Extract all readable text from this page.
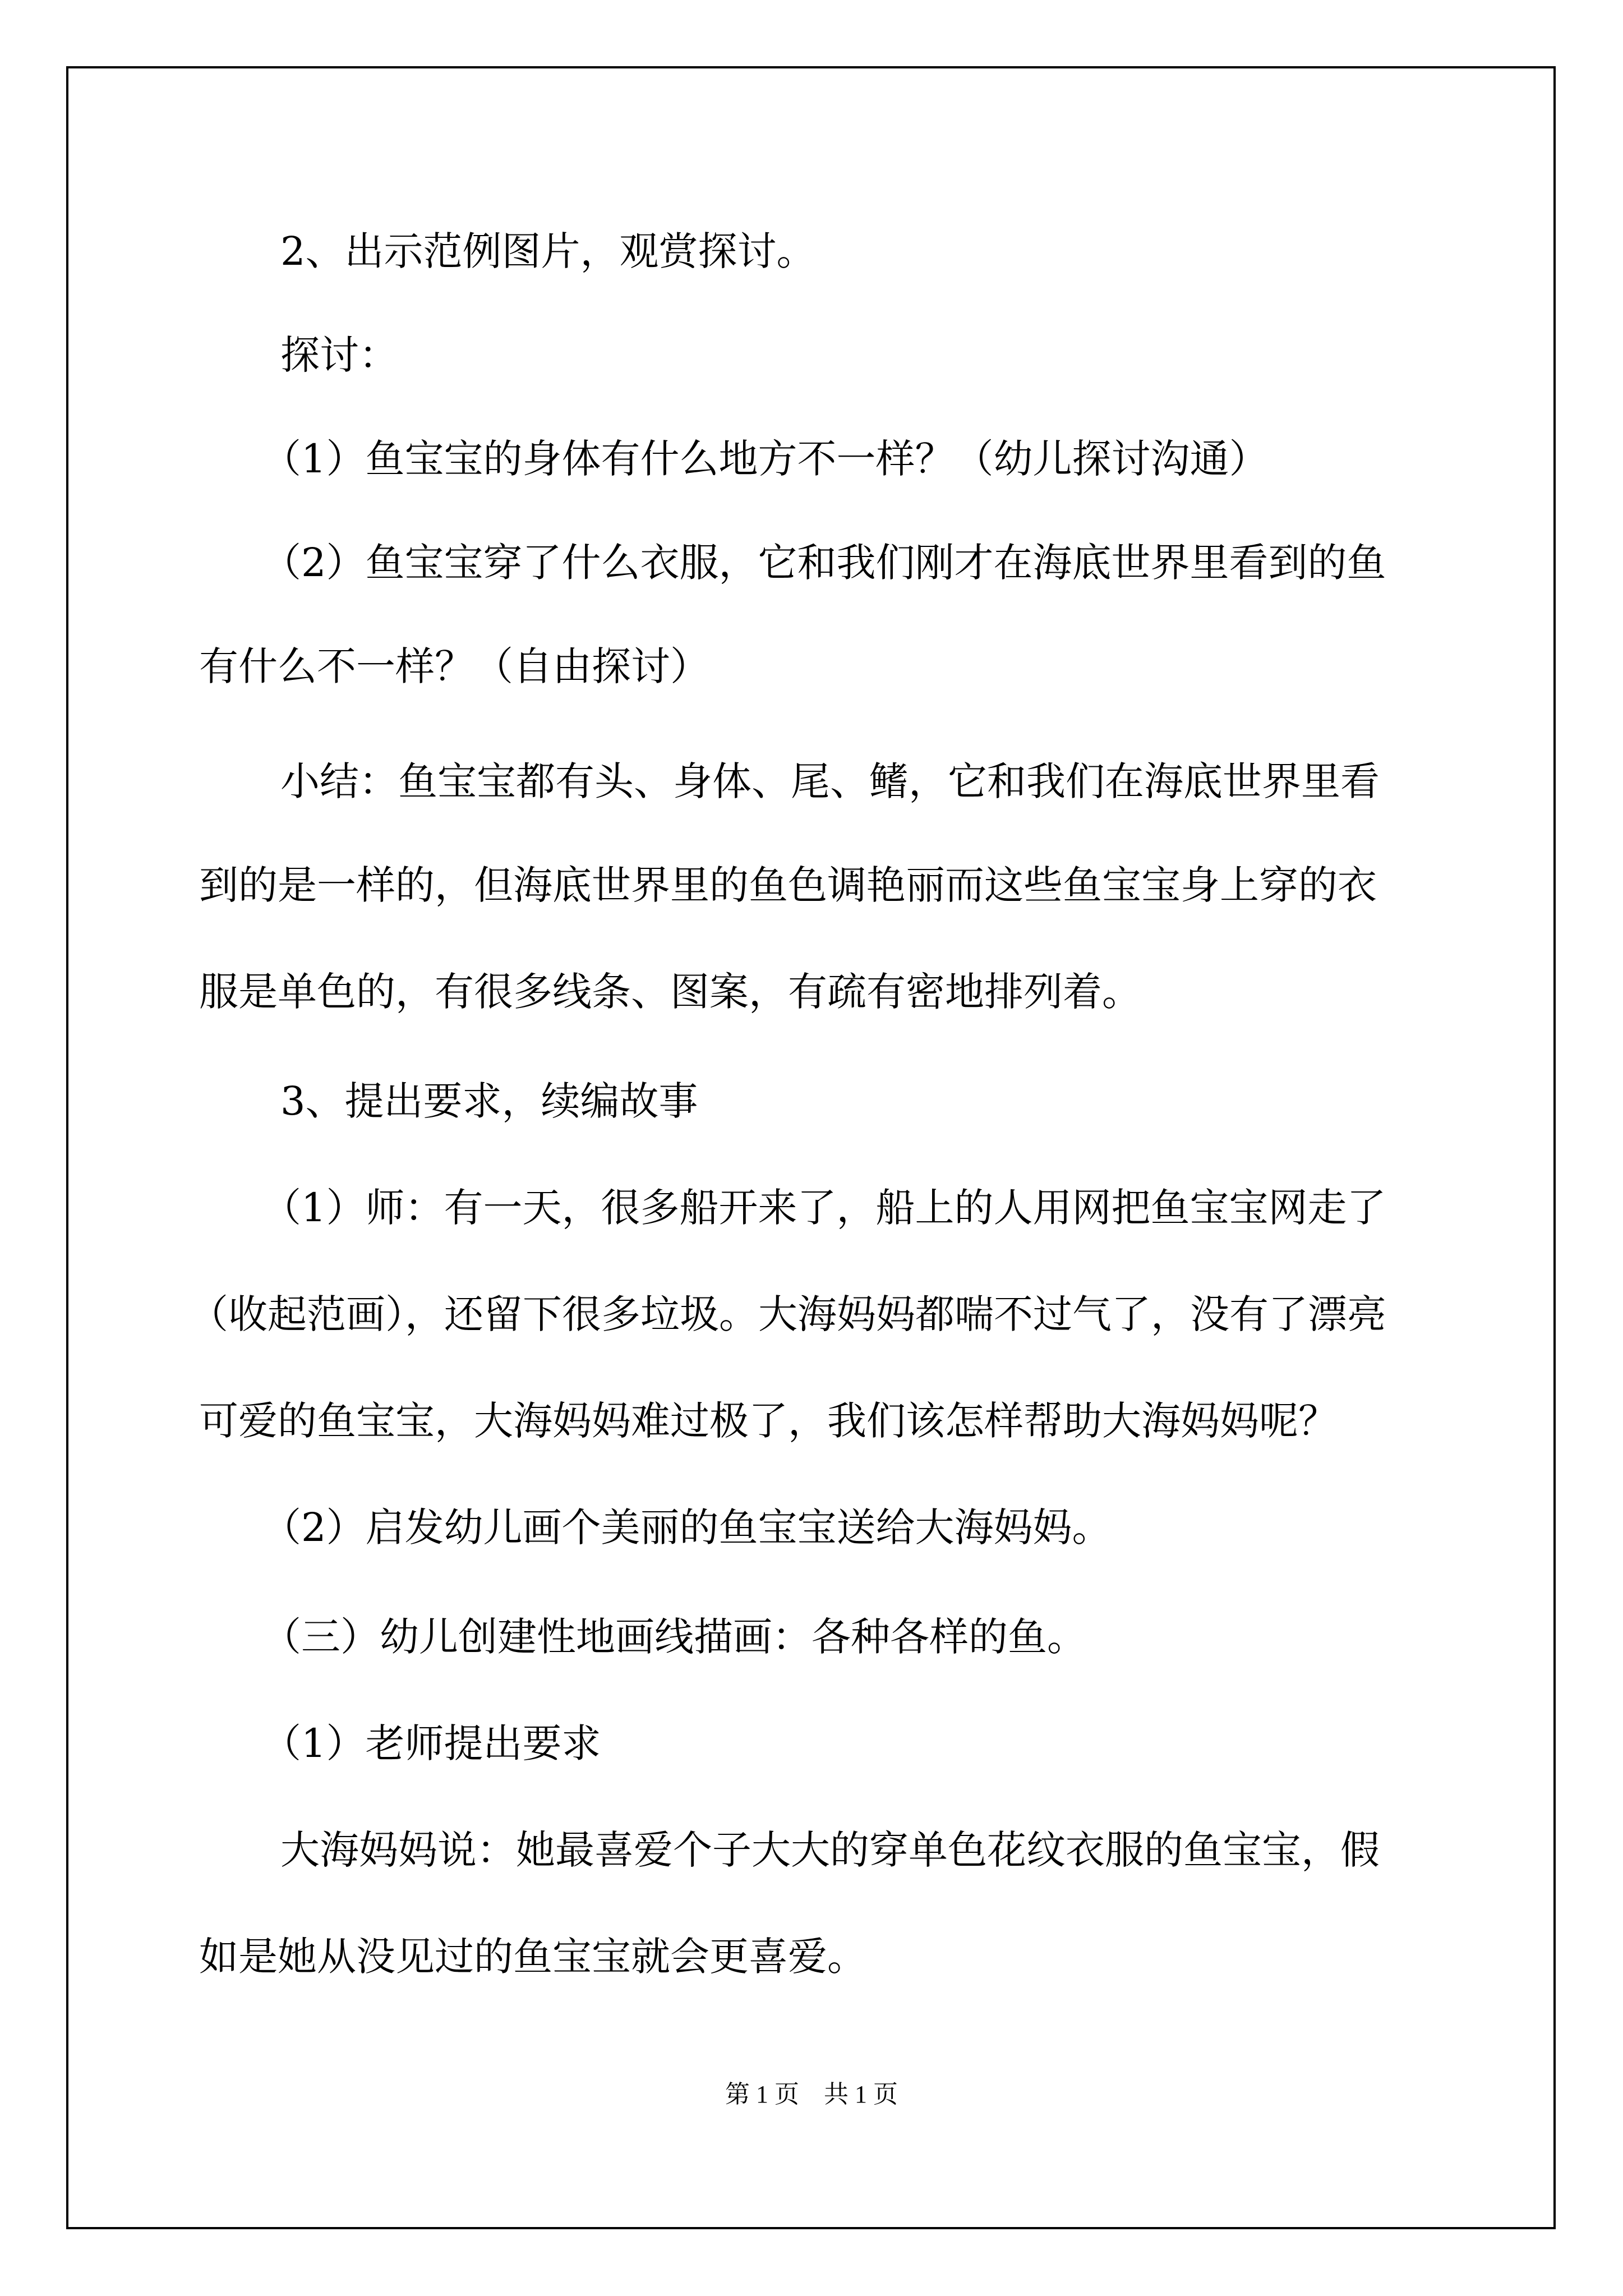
2、出示范例图片，观赏探讨。

探讨：

（1）鱼宝宝的身体有什么地方不一样？（幼儿探讨沟通）

（2）鱼宝宝穿了什么衣服，它和我们刚才在海底世界里看到的鱼

有什么不一样？（自由探讨）

小结：鱼宝宝都有头、身体、尾、鳍，它和我们在海底世界里看

到的是一样的，但海底世界里的鱼色调艳丽而这些鱼宝宝身上穿的衣

服是单色的，有很多线条、图案，有疏有密地排列着。

3、提出要求，续编故事

（1）师：有一天，很多船开来了，船上的人用网把鱼宝宝网走了

（收起范画），还留下很多垃圾。大海妈妈都喘不过气了，没有了漂亮

可爱的鱼宝宝，大海妈妈难过极了，我们该怎样帮助大海妈妈呢？

（2）启发幼儿画个美丽的鱼宝宝送给大海妈妈。

（三）幼儿创建性地画线描画：各种各样的鱼。

（1）老师提出要求

大海妈妈说：她最喜爱个子大大的穿单色花纹衣服的鱼宝宝，假

如是她从没见过的鱼宝宝就会更喜爱。

第 1 页　共 1 页
